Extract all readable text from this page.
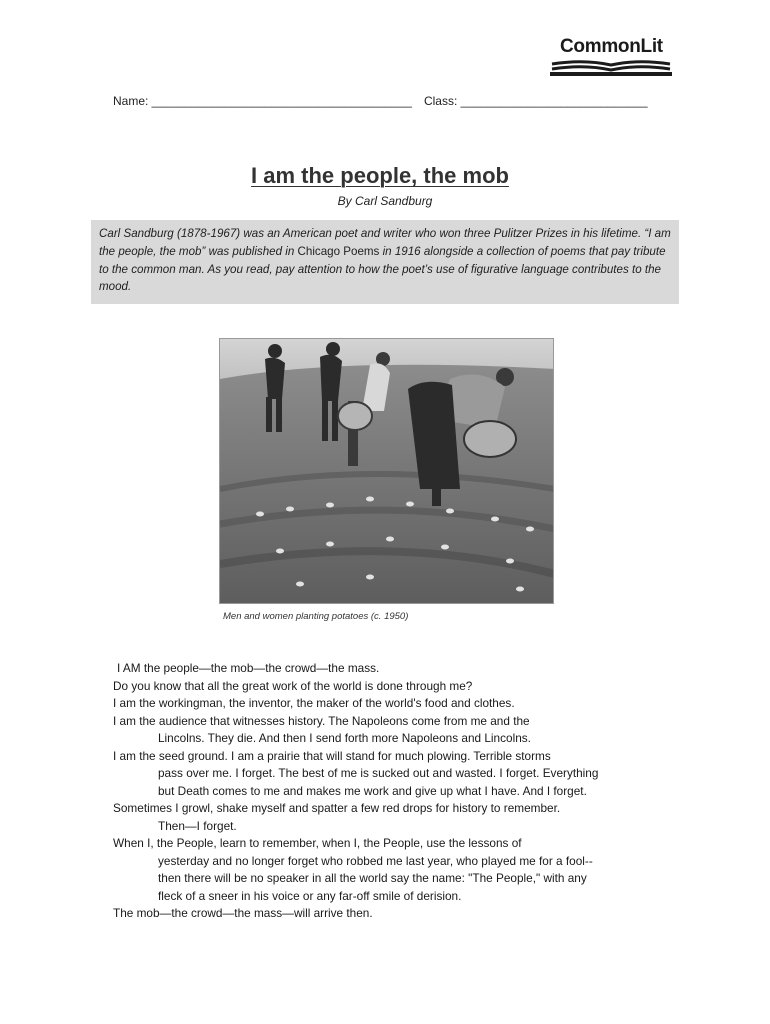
CommonLit
Name: _______________________________________ Class: ____________________________
I am the people, the mob
By Carl Sandburg

Carl Sandburg (1878-1967) was an American poet and writer who won three Pulitzer Prizes in his lifetime. “I am the people, the mob” was published in Chicago Poems in 1916 alongside a collection of poems that pay tribute to the common man. As you read, pay attention to how the poet’s use of figurative language contributes to the mood.

Men and women planting potatoes (c. 1950)
I AM the people—the mob—the crowd—the mass.
Do you know that all the great work of the world is done through me?
I am the workingman, the inventor, the maker of the world's food and clothes.
I am the audience that witnesses history. The Napoleons come from me and the
Lincolns. They die. And then I send forth more Napoleons and Lincolns.
I am the seed ground. I am a prairie that will stand for much plowing. Terrible storms
pass over me. I forget. The best of me is sucked out and wasted. I forget. Everything
but Death comes to me and makes me work and give up what I have. And I forget.
Sometimes I growl, shake myself and spatter a few red drops for history to remember.
Then—I forget.
When I, the People, learn to remember, when I, the People, use the lessons of
yesterday and no longer forget who robbed me last year, who played me for a fool--
then there will be no speaker in all the world say the name: "The People," with any
fleck of a sneer in his voice or any far-off smile of derision.
The mob—the crowd—the mass—will arrive then.
